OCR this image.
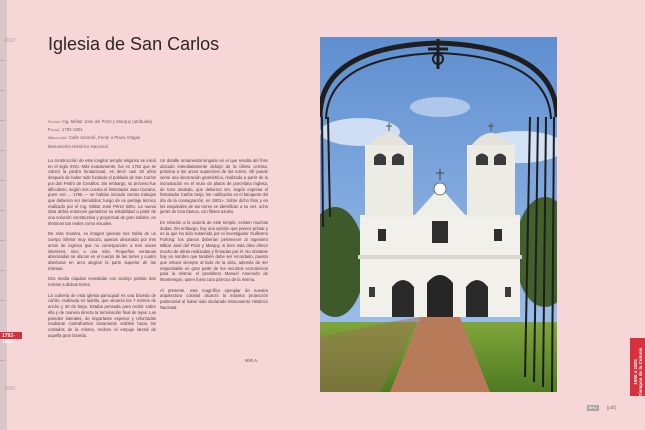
2012
1792-1801
1600
Iglesia de San Carlos
Autor: Ing. Militar José del Pozo y Marquy (atribuida)
Fecha: 1792-1801
Ubicación: Calle Sarandí, frente a Plaza Artigas
Monumento Histórico Nacional

La construcción de este longitar templo religioso se inició en el siglo XVIII. Más exactamente, fue en 1792 que se colocó la piedra fundacional, es decir casi 30 años después de haber sido fundado el poblado de San Carlos por don Pedro de Cevallos. Sin embargo, su proceso fue dificultoso, según nos cuenta el historiador Juan Ciurana, pues «en ... 1795 — se habían iniciado ciertos trabajos que debieron ser demolidos; luego de un peritaje técnico realizado por el Ing. Militar José Pérez Brito. La nueva obra debía entonces garantizar su estabilidad a partir de una solución constructiva y proyectual de gran solidez, en términos tan reales como visuales.

De esta manera, su imagen general nos habla de un cuerpo inferior muy macizo, apenas alivianado por tres arcos de ingreso que no corresponden a tres naves interiores, sino a una sola. Pequeñas ventanas abocinadas se ubican en el cuerpo de las torres y cuatro aberturas en arco alegran la parte superior de las mismas.

Dos media cúpulas revestidas con azulejo partido dan remate a dichas torres.

La cubierta de esta iglesia parroquial es una bóveda de cañón, realizada en ladrillo, que alcanza los 7 metros de ancho y 30 de largo. Estaba pensada para recibir sobre ella y de manera directa la terminación final de tejas. Las paredes laterales, de importante espesor y reforzadas mediante contrafuertes claramente visibles hacia los costados de la misma, reciben el empuje lateral de aquella gran bóveda.

Un detalle ornamental singular es el que resulta del friso ubicado inmediatamente debajo de la última cornisa, próxima a los arcos superiores de las torres. Allí puede verse una decoración geométrica, realizada a partir de la incrustación en el muro de platos de porcelana inglesa, de tono azulado, que debieron ser, según expresa el historiador Carlos Seijo, los «utilizados en el banquete del día de la consagración, en 1801». Sobre dicho friso y en los esquinales de las torres se identifican a su vez, ocho jarras de loza blanca, con filetes azules.

En relación a la autoría de este templo, existen muchas dudas. Sin embargo, hay una opinión que parece primar y es la que ha sido sostenida por el investigador Guillermo Furlong: los planos deberían pertenecer al Ingeniero Militar José del Pozo y Marquy, si bien esta obra ofrece mucho de obras realizadas y firmadas por él. No obstante hay un nombre que también debe ser recordado, puesto que estuvo siempre al lado de la obra, además de ser responsable en gran parte de los recursos económicos para la misma: el presbítero Manuel Amenedo de Montenegro, quien fuera cura párroco de la misma.

Al presente, este magnífico ejemplar de nuestra arquitectura colonial alcanzó la máxima protección patrimonial al haber sido declarado Monumento Histórico Nacional.

W.R.A.	1680 a 1825 Tiempos de la Colonia
BHU	[pdf]
